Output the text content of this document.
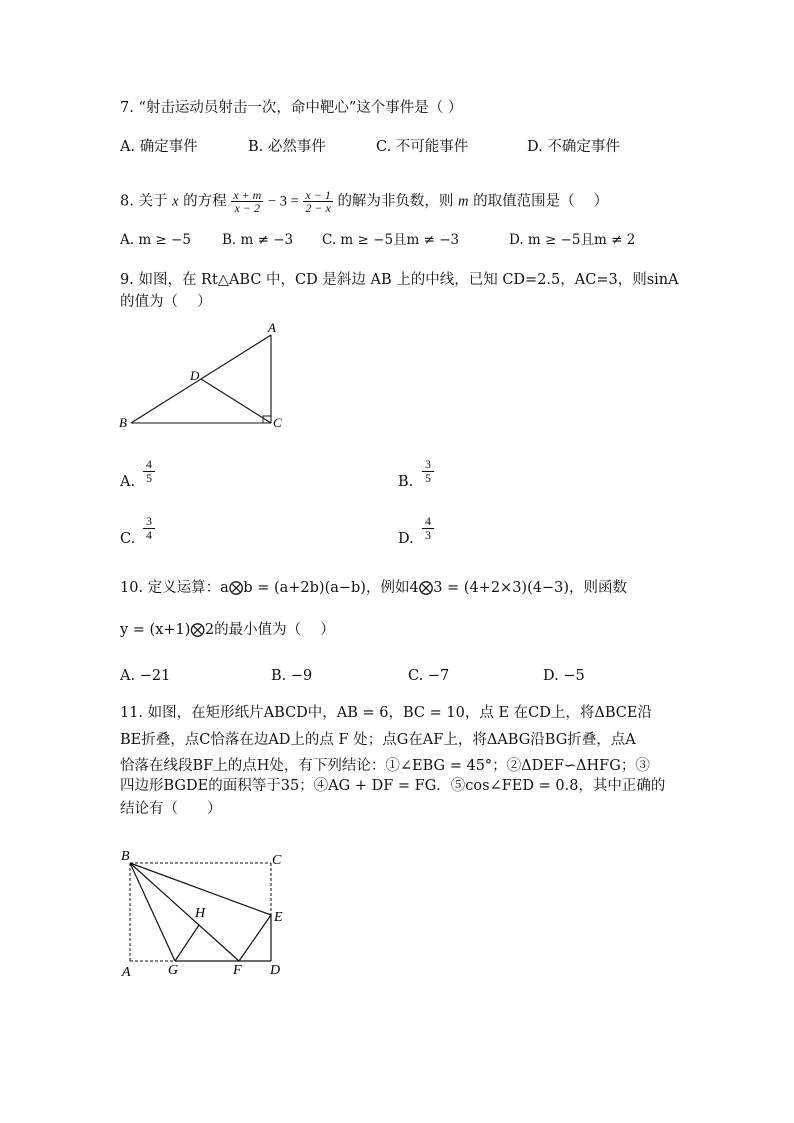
7. “射击运动员射击一次，命中靶心”这个事件是（ ）
A. 确定事件	B. 必然事件	C. 不可能事件	D. 不确定事件
8. 关于 x 的方程 $\frac{x + m}{x - 2} - 3 = \frac{x - 1}{2 - x}$ 的解为非负数，则 m 的取值范围是（　 ）
A. m ≥ −5 B. m ≠ −3 C. m ≥ −5且m ≠ −3	D. m ≥ −5且m ≠ 2
9. 如图，在 Rt△ABC 中，CD 是斜边 AB 上的中线，已知 CD=2.5，AC=3，则sinA
的值为（　 ）
A
D
B	C
A. $\frac{4}{5}$	B. $\frac{3}{5}$
C. $\frac{3}{4}$	D. $\frac{4}{3}$
10. 定义运算：a⨂b = (a+2b)(a−b)，例如4⨂3 = (4+2×3)(4−3)，则函数
y = (x+1)⨂2的最小值为（　 ）
A. −21	B. −9	C. −7	D. −5
11. 如图，在矩形纸片ABCD中，AB = 6，BC = 10，点 E 在CD上，将ΔBCE沿
BE折叠，点C恰落在边AD上的点 F 处；点G在AF上，将ΔABG沿BG折叠，点A
恰落在线段BF上的点H处，有下列结论：①∠EBG = 45°；②ΔDEF∽ΔHFG；③
四边形BGDE的面积等于35；④AG + DF = FG．⑤cos∠FED = 0.8，其中正确的
结论有（　　）
B	C
H	E
A	G	F D
